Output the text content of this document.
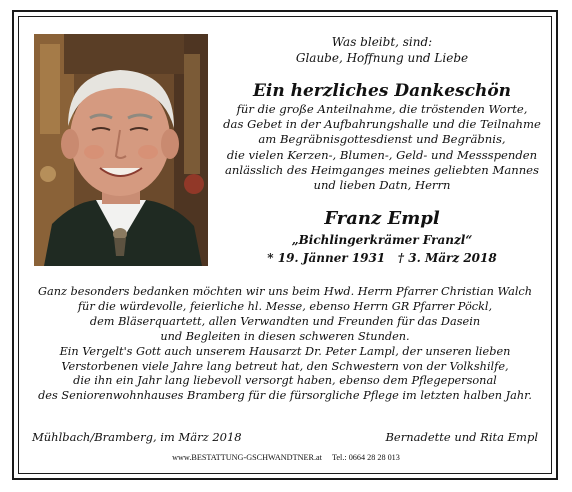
Was bleibt, sind:
Glaube, Hoffnung und Liebe
Ein herzliches Dankeschön
für die große Anteilnahme, die tröstenden Worte,
das Gebet in der Aufbahrungshalle und die Teilnahme
am Begräbnisgottesdienst und Begräbnis,
die vielen Kerzen-, Blumen-, Geld- und Messspenden
anlässlich des Heimganges meines geliebten Mannes
und lieben Datn, Herrn
Franz Empl
„Bichlingerkrämer Franzl“
* 19. Jänner 1931 † 3. März 2018
Ganz besonders bedanken möchten wir uns beim Hwd. Herrn Pfarrer Christian Walch
für die würdevolle, feierliche hl. Messe, ebenso Herrn GR Pfarrer Pöckl,
dem Bläserquartett, allen Verwandten und Freunden für das Dasein
und Begleiten in diesen schweren Stunden.
Ein Vergelt's Gott auch unserem Hausarzt Dr. Peter Lampl, der unseren lieben
Verstorbenen viele Jahre lang betreut hat, den Schwestern von der Volkshilfe,
die ihn ein Jahr lang liebevoll versorgt haben, ebenso dem Pflegepersonal
des Seniorenwohnhauses Bramberg für die fürsorgliche Pflege im letzten halben Jahr.
Mühlbach/Bramberg, im März 2018	Bernadette und Rita Empl
www.BESTATTUNG-GSCHWANDTNER.at Tel.: 0664 28 28 013
